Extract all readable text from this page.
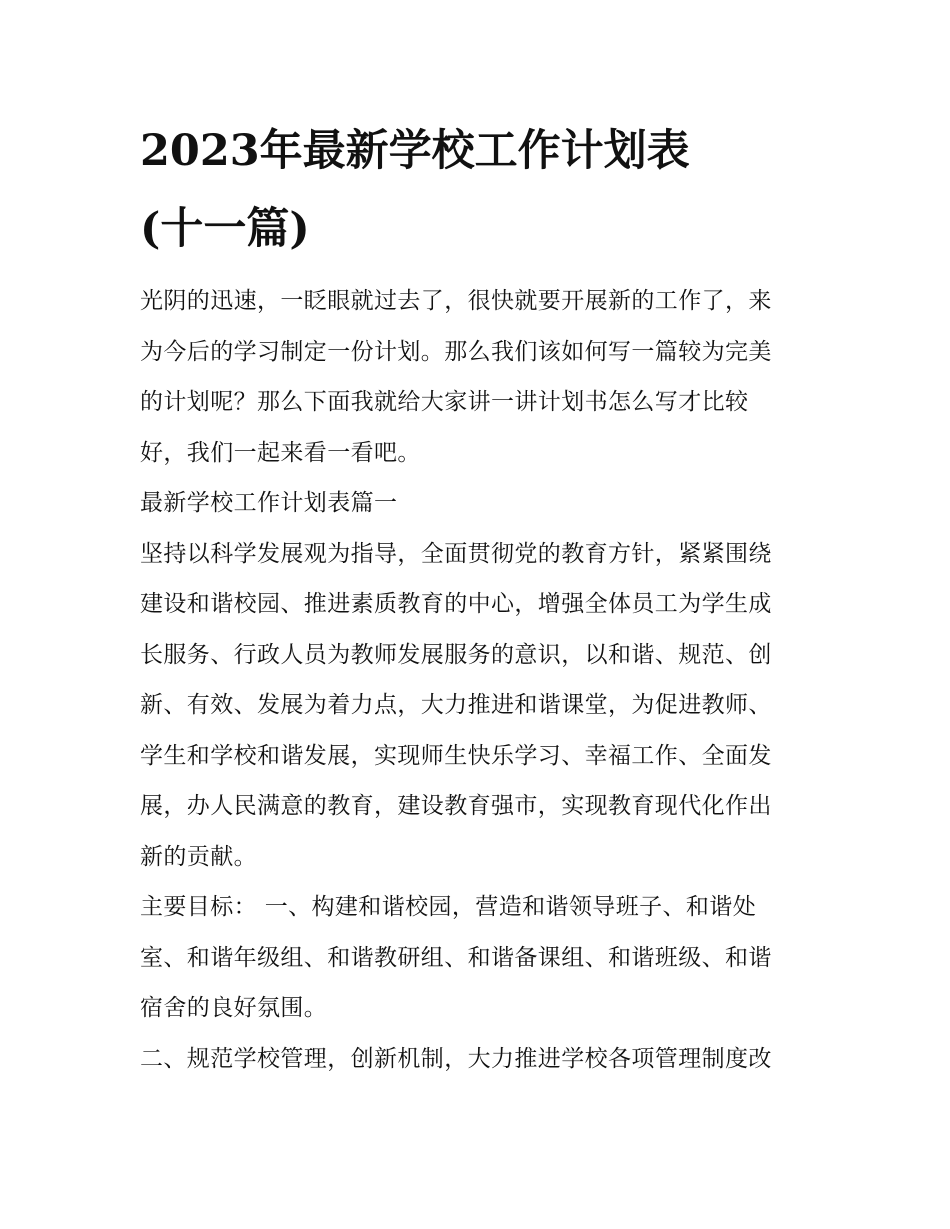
2023年最新学校工作计划表
(十一篇)

光阴的迅速，一眨眼就过去了，很快就要开展新的工作了，来
为今后的学习制定一份计划。那么我们该如何写一篇较为完美
的计划呢？那么下面我就给大家讲一讲计划书怎么写才比较
好，我们一起来看一看吧。

最新学校工作计划表篇一

坚持以科学发展观为指导，全面贯彻党的教育方针，紧紧围绕
建设和谐校园、推进素质教育的中心，增强全体员工为学生成
长服务、行政人员为教师发展服务的意识，以和谐、规范、创
新、有效、发展为着力点，大力推进和谐课堂，为促进教师、
学生和学校和谐发展，实现师生快乐学习、幸福工作、全面发
展，办人民满意的教育，建设教育强市，实现教育现代化作出
新的贡献。

主要目标： 一、构建和谐校园，营造和谐领导班子、和谐处
室、和谐年级组、和谐教研组、和谐备课组、和谐班级、和谐
宿舍的良好氛围。

二、规范学校管理，创新机制，大力推进学校各项管理制度改
